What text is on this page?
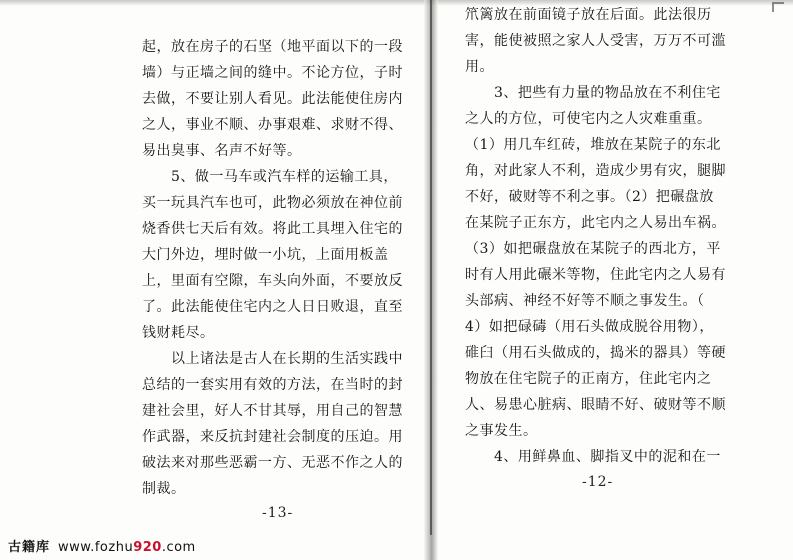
起，放在房子的石坚（地平面以下的一段
墙）与正墙之间的缝中。不论方位，子时
去做，不要让别人看见。此法能使住房内
之人，事业不顺、办事艰难、求财不得、
易出臭事、名声不好等。
　　5、做一马车或汽车样的运输工具，
买一玩具汽车也可，此物必须放在神位前
烧香供七天后有效。将此工具埋入住宅的
大门外边，埋时做一小坑，上面用板盖
上，里面有空隙，车头向外面，不要放反
了。此法能使住宅内之人日日败退，直至
钱财耗尽。
　　以上诸法是古人在长期的生活实践中
总结的一套实用有效的方法，在当时的封
建社会里，好人不甘其辱，用自己的智慧
作武器，来反抗封建社会制度的压迫。用
破法来对那些恶霸一方、无恶不作之人的
制裁。
-13-
笊篱放在前面镜子放在后面。此法很历
害，能使被照之家人人受害，万万不可滥
用。
　　3、把些有力量的物品放在不利住宅
之人的方位，可使宅内之人灾难重重。
（1）用几车红砖，堆放在某院子的东北
角，对此家人不利，造成少男有灾，腿脚
不好，破财等不利之事。（2）把碾盘放
在某院子正东方，此宅内之人易出车祸。
（3）如把碾盘放在某院子的西北方，平
时有人用此碾米等物，住此宅内之人易有
头部病、神经不好等不顺之事发生。（
4）如把碌碡（用石头做成脱谷用物），
碓臼（用石头做成的，捣米的器具）等硬
物放在住宅院子的正南方，住此宅内之
人、易患心脏病、眼睛不好、破财等不顺
之事发生。
　　4、用鲜鼻血、脚指叉中的泥和在一
-12-
古籍库 www.fozhu920.com
